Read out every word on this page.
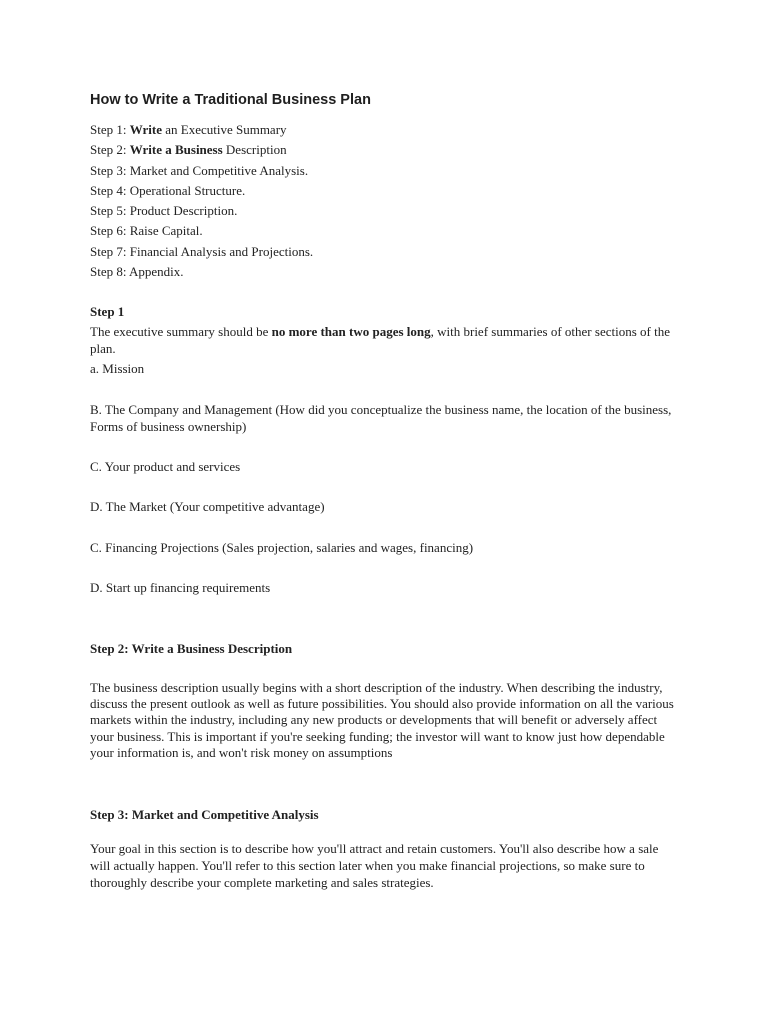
How to Write a Traditional Business Plan
Step 1: Write an Executive Summary
Step 2: Write a Business Description
Step 3: Market and Competitive Analysis.
Step 4: Operational Structure.
Step 5: Product Description.
Step 6: Raise Capital.
Step 7: Financial Analysis and Projections.
Step 8: Appendix.

Step 1

The executive summary should be no more than two pages long, with brief summaries of other sections of the plan.

a. Mission

B. The Company and Management (How did you conceptualize the business name, the location of the business, Forms of business ownership)

C. Your product and services

D. The Market (Your competitive advantage)

C. Financing Projections (Sales projection, salaries and wages, financing)

D. Start up financing requirements

Step 2: Write a Business Description

The business description usually begins with a short description of the industry. When describing the industry, discuss the present outlook as well as future possibilities. You should also provide information on all the various markets within the industry, including any new products or developments that will benefit or adversely affect your business. This is important if you're seeking funding; the investor will want to know just how dependable your information is, and won't risk money on assumptions

Step 3: Market and Competitive Analysis

Your goal in this section is to describe how you'll attract and retain customers. You'll also describe how a sale will actually happen. You'll refer to this section later when you make financial projections, so make sure to thoroughly describe your complete marketing and sales strategies.
